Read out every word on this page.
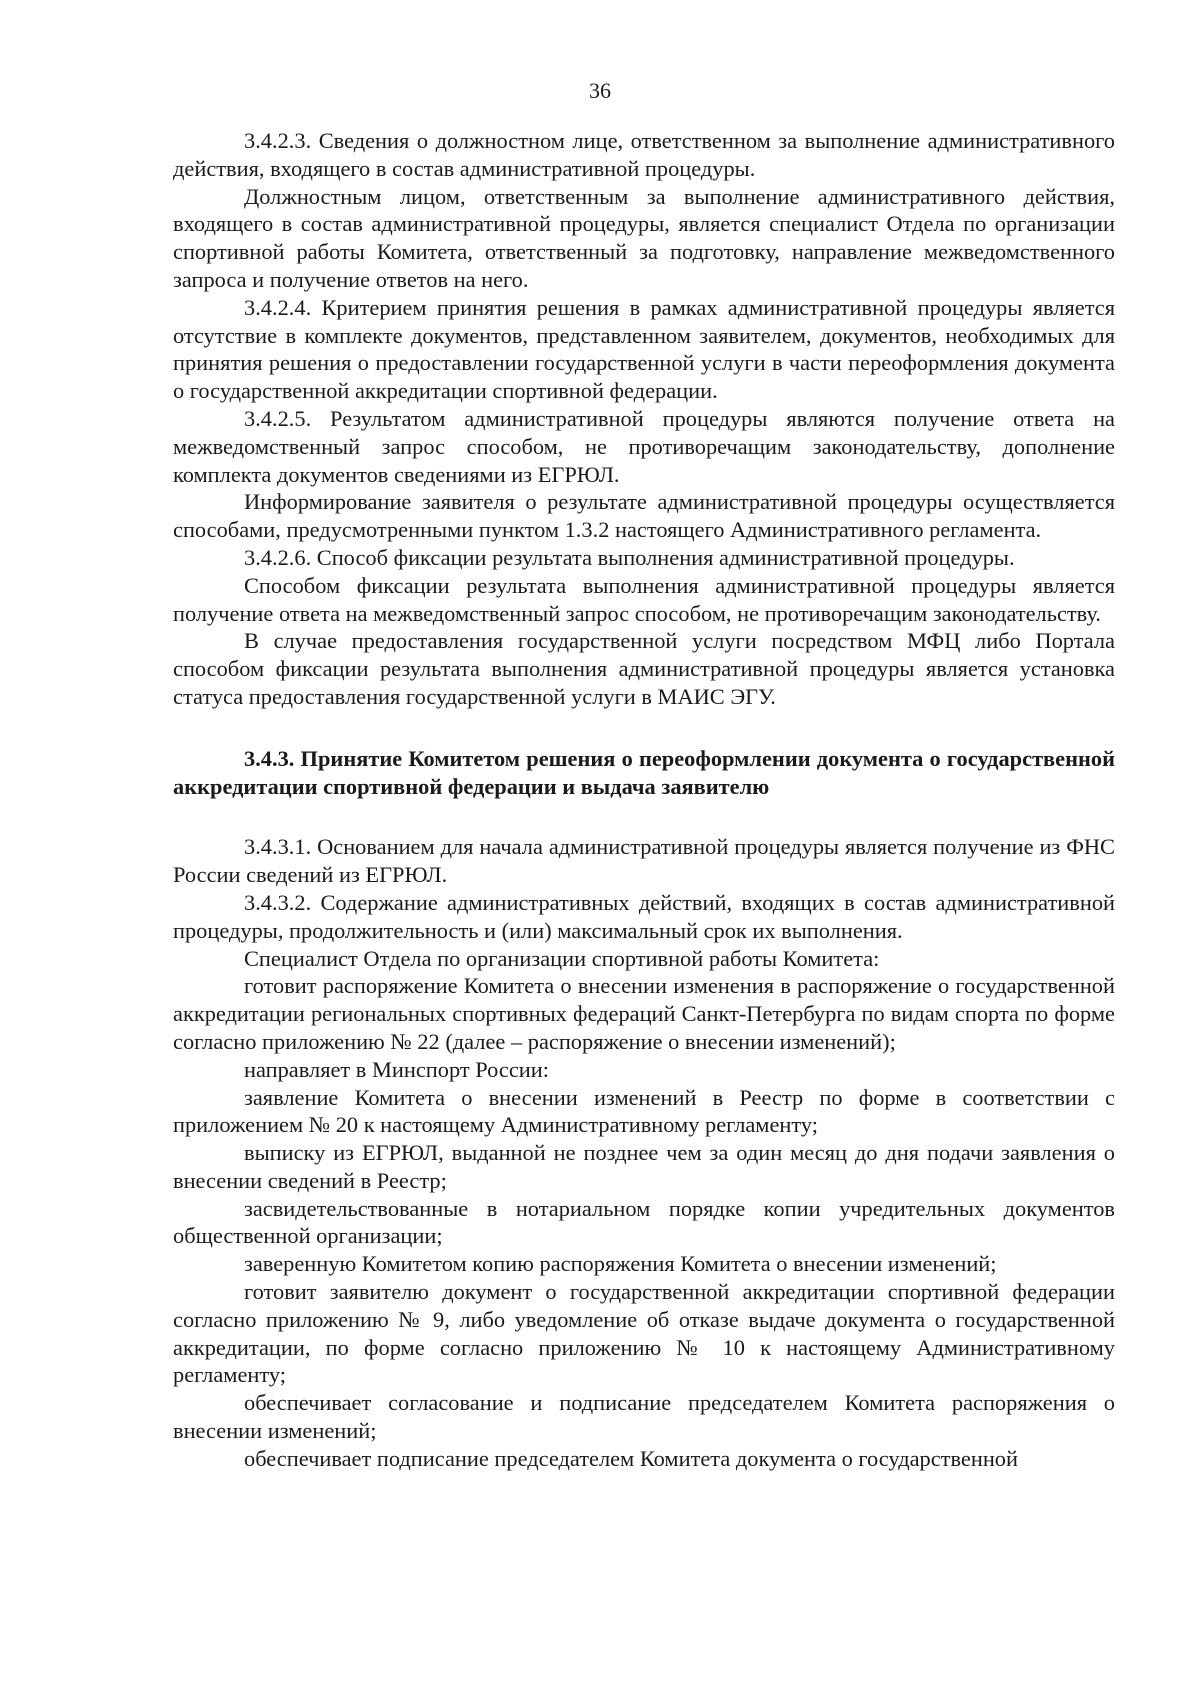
36

3.4.2.3. Сведения о должностном лице, ответственном за выполнение административного действия, входящего в состав административной процедуры.

Должностным лицом, ответственным за выполнение административного действия, входящего в состав административной процедуры, является специалист Отдела по организации спортивной работы Комитета, ответственный за подготовку, направление межведомственного запроса и получение ответов на него.

3.4.2.4. Критерием принятия решения в рамках административной процедуры является отсутствие в комплекте документов, представленном заявителем, документов, необходимых для принятия решения о предоставлении государственной услуги в части переоформления документа о государственной аккредитации спортивной федерации.

3.4.2.5. Результатом административной процедуры являются получение ответа на межведомственный запрос способом, не противоречащим законодательству, дополнение комплекта документов сведениями из ЕГРЮЛ.

Информирование заявителя о результате административной процедуры осуществляется способами, предусмотренными пунктом 1.3.2 настоящего Административного регламента.

3.4.2.6. Способ фиксации результата выполнения административной процедуры.

Способом фиксации результата выполнения административной процедуры является получение ответа на межведомственный запрос способом, не противоречащим законодательству.

В случае предоставления государственной услуги посредством МФЦ либо Портала способом фиксации результата выполнения административной процедуры является установка статуса предоставления государственной услуги в МАИС ЭГУ.

3.4.3. Принятие Комитетом решения о переоформлении документа о государственной аккредитации спортивной федерации и выдача заявителю

3.4.3.1. Основанием для начала административной процедуры является получение из ФНС России сведений из ЕГРЮЛ.

3.4.3.2. Содержание административных действий, входящих в состав административной процедуры, продолжительность и (или) максимальный срок их выполнения.

Специалист Отдела по организации спортивной работы Комитета:

готовит распоряжение Комитета о внесении изменения в распоряжение о государственной аккредитации региональных спортивных федераций Санкт-Петербурга по видам спорта по форме согласно приложению № 22 (далее – распоряжение о внесении изменений);

направляет в Минспорт России:

заявление Комитета о внесении изменений в Реестр по форме в соответствии с приложением № 20 к настоящему Административному регламенту;

выписку из ЕГРЮЛ, выданной не позднее чем за один месяц до дня подачи заявления о внесении сведений в Реестр;

засвидетельствованные в нотариальном порядке копии учредительных документов общественной организации;

заверенную Комитетом копию распоряжения Комитета о внесении изменений;

готовит заявителю документ о государственной аккредитации спортивной федерации согласно приложению № 9, либо уведомление об отказе выдаче документа о государственной аккредитации, по форме согласно приложению № 10 к настоящему Административному регламенту;

обеспечивает согласование и подписание председателем Комитета распоряжения о внесении изменений;

обеспечивает подписание председателем Комитета документа о государственной
